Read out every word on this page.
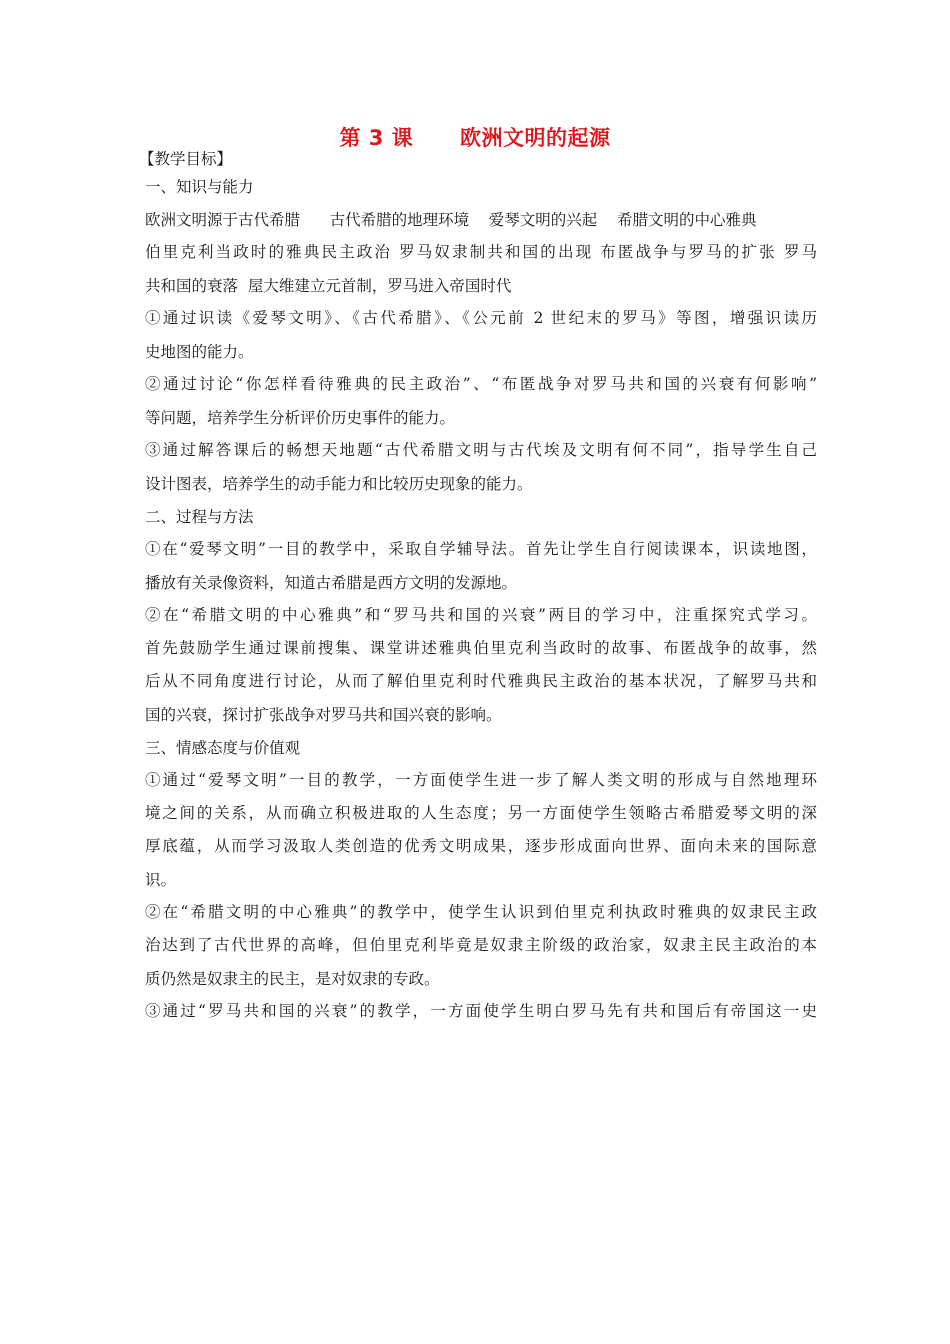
第 3 课      欧洲文明的起源
【教学目标】
一、知识与能力
欧洲文明源于古代希腊      古代希腊的地理环境    爱琴文明的兴起    希腊文明的中心雅典
伯里克利当政时的雅典民主政治 罗马奴隶制共和国的出现 布匿战争与罗马的扩张 罗马
共和国的衰落  屋大维建立元首制，罗马进入帝国时代
①通过识读《爱琴文明》、《古代希腊》、《公元前 2 世纪末的罗马》等图，增强识读历
史地图的能力。
②通过讨论“你怎样看待雅典的民主政治”、“布匿战争对罗马共和国的兴衰有何影响”
等问题，培养学生分析评价历史事件的能力。
③通过解答课后的畅想天地题“古代希腊文明与古代埃及文明有何不同”，指导学生自己
设计图表，培养学生的动手能力和比较历史现象的能力。
二、过程与方法
①在“爱琴文明”一目的教学中，采取自学辅导法。首先让学生自行阅读课本，识读地图，
播放有关录像资料，知道古希腊是西方文明的发源地。
②在“希腊文明的中心雅典”和“罗马共和国的兴衰”两目的学习中，注重探究式学习。
首先鼓励学生通过课前搜集、课堂讲述雅典伯里克利当政时的故事、布匿战争的故事，然
后从不同角度进行讨论，从而了解伯里克利时代雅典民主政治的基本状况，了解罗马共和
国的兴衰，探讨扩张战争对罗马共和国兴衰的影响。
三、情感态度与价值观
①通过“爱琴文明”一目的教学，一方面使学生进一步了解人类文明的形成与自然地理环
境之间的关系，从而确立积极进取的人生态度；另一方面使学生领略古希腊爱琴文明的深
厚底蕴，从而学习汲取人类创造的优秀文明成果，逐步形成面向世界、面向未来的国际意
识。
②在“希腊文明的中心雅典”的教学中，使学生认识到伯里克利执政时雅典的奴隶民主政
治达到了古代世界的高峰，但伯里克利毕竟是奴隶主阶级的政治家，奴隶主民主政治的本
质仍然是奴隶主的民主，是对奴隶的专政。
③通过“罗马共和国的兴衰”的教学，一方面使学生明白罗马先有共和国后有帝国这一史
